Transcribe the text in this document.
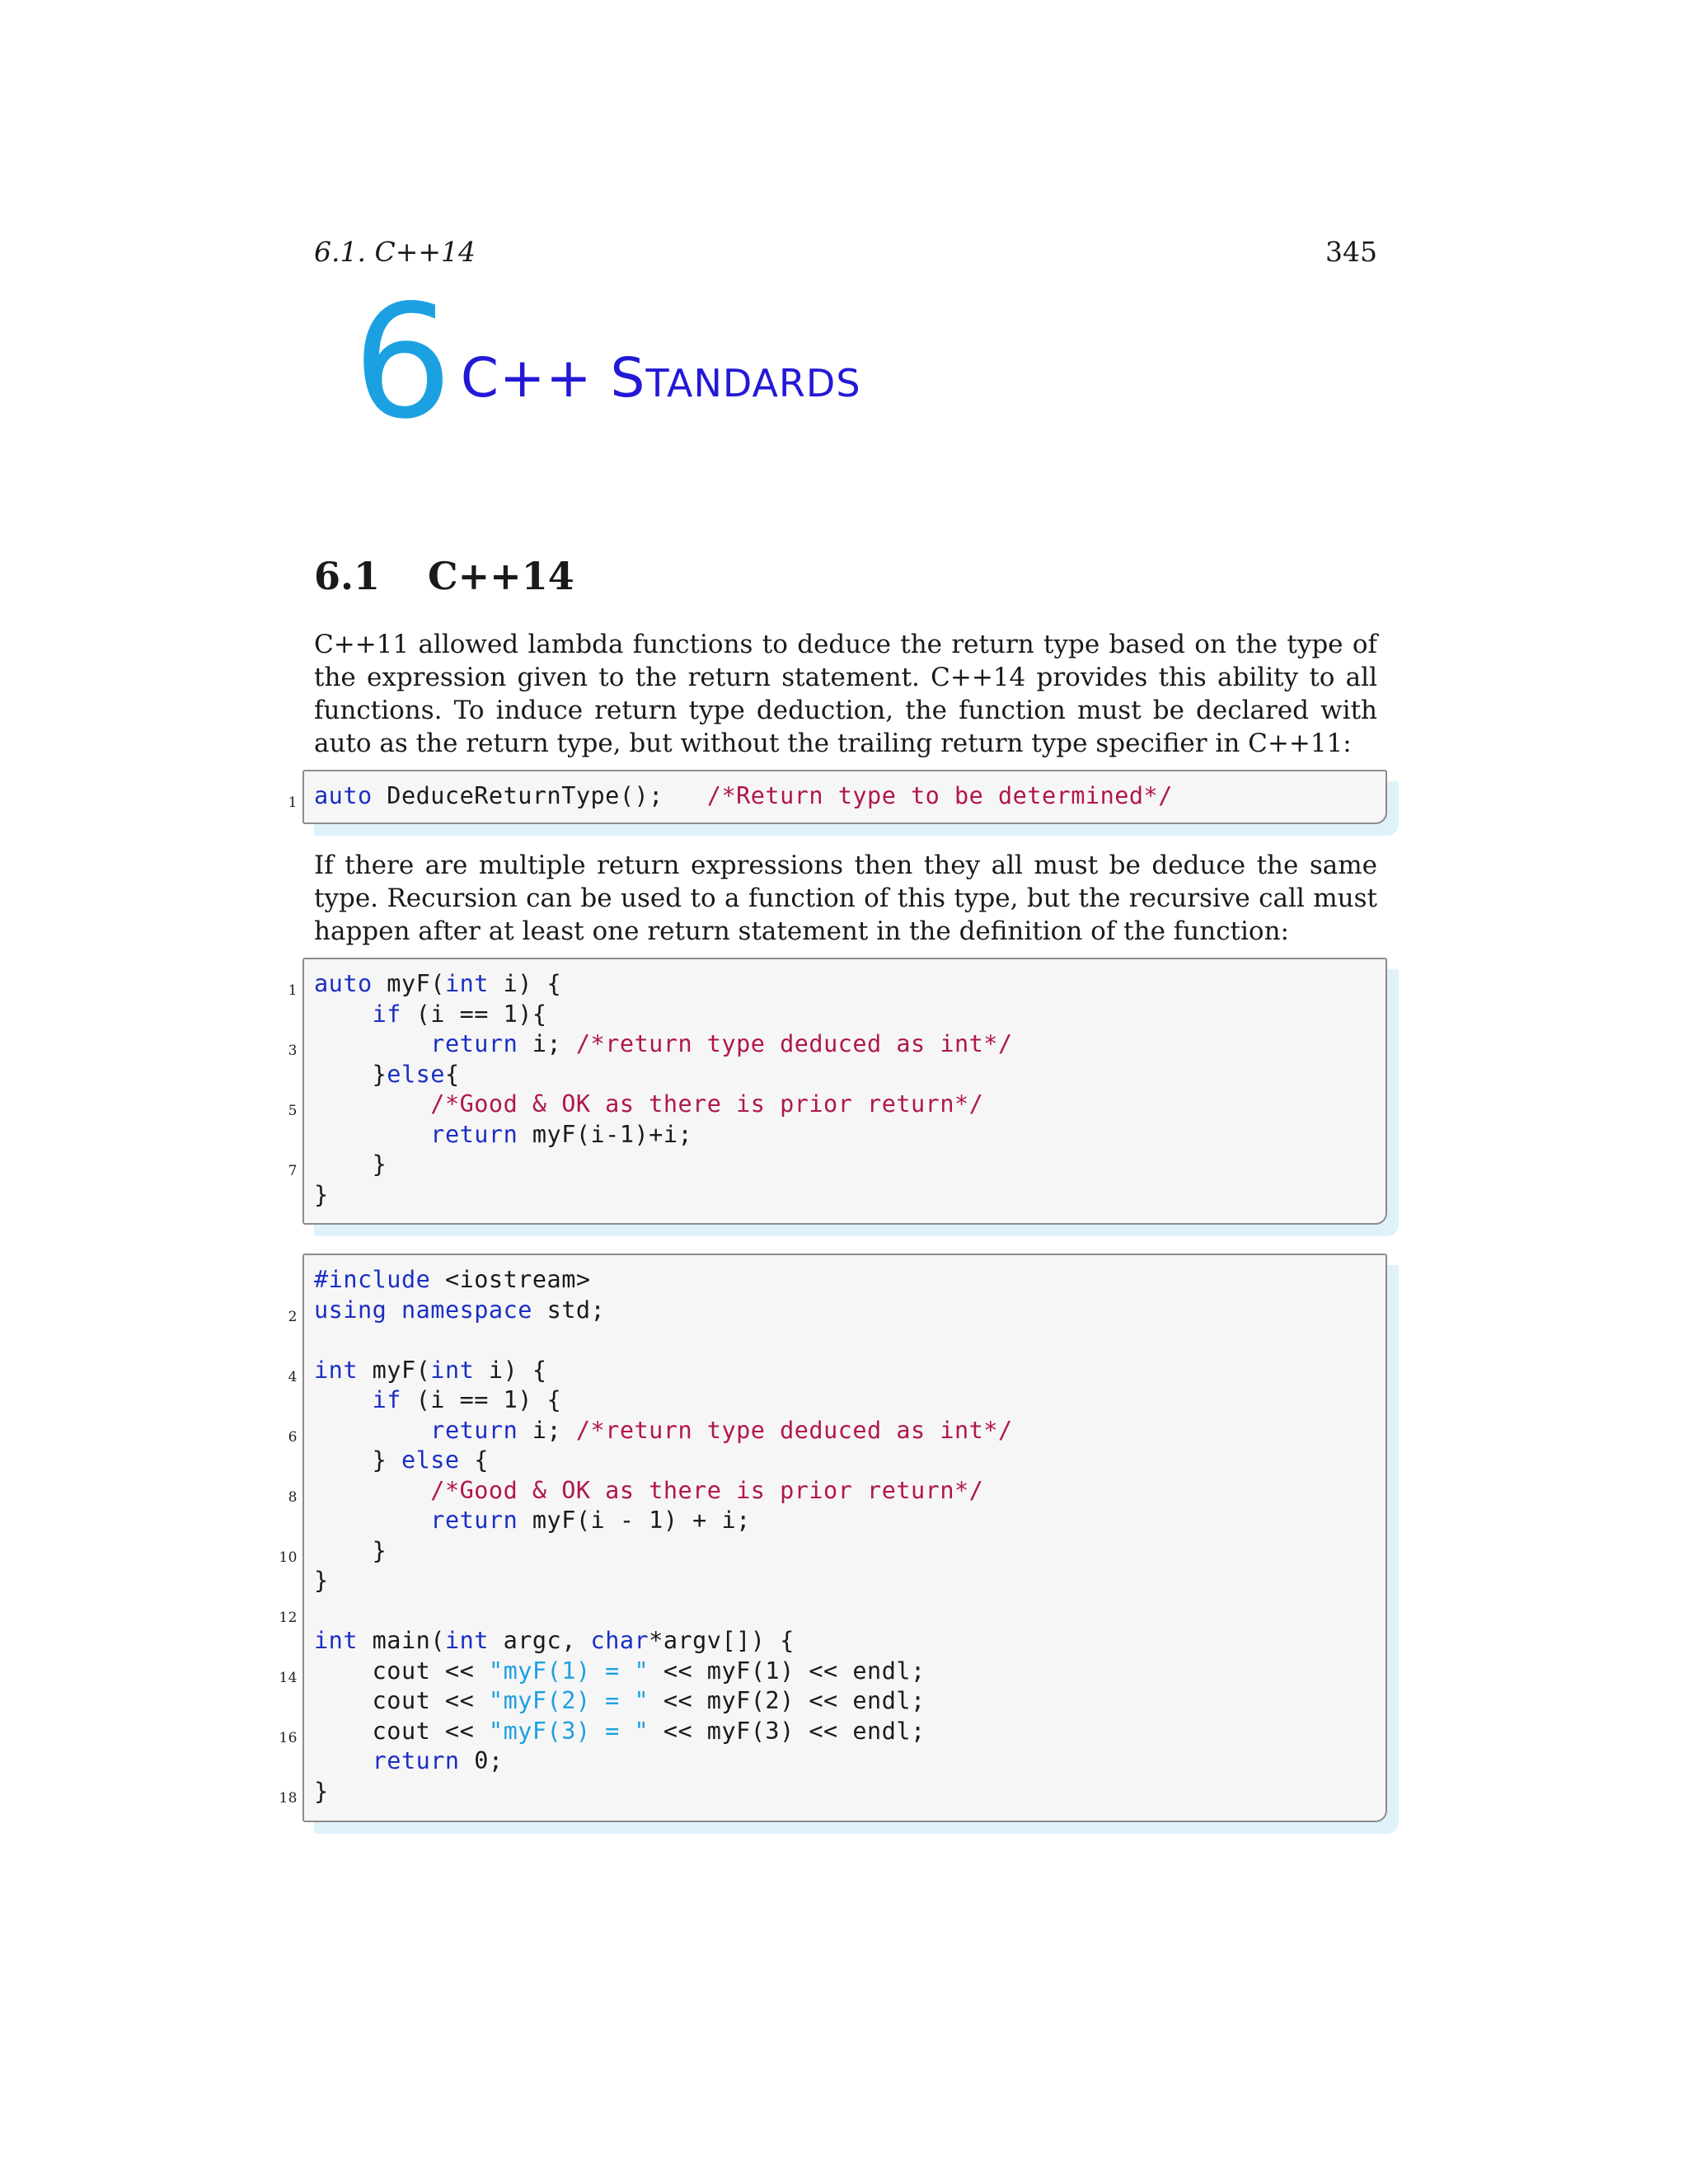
6.1. C++14	345
6 C++ Standards
6.1 C++14

C++11 allowed lambda functions to deduce the return type based on the type of the expression given to the return statement. C++14 provides this ability to all functions. To induce return type deduction, the function must be declared with auto as the return type, but without the trailing return type specifier in C++11:

1 auto DeduceReturnType();   /*Return type to be determined*/

If there are multiple return expressions then they all must be deduce the same type. Recursion can be used to a function of this type, but the recursive call must happen after at least one return statement in the definition of the function:

1 auto myF(int i) {
if (i == 1){
3	return i; /*return type deduced as int*/
}else{
5	/*Good & OK as there is prior return*/
return myF(i-1)+i;
7 }
}
#include <iostream>
2 using namespace std;
4 int myF(int i) {
if (i == 1) {
6	return i; /*return type deduced as int*/
} else {
8	/*Good & OK as there is prior return*/
return myF(i - 1) + i;
10 }
}
12
int main(int argc, char*argv[]) {
14 cout << "myF(1) = " << myF(1) << endl;
cout << "myF(2) = " << myF(2) << endl;
16 cout << "myF(3) = " << myF(3) << endl;
return 0;
18 }
